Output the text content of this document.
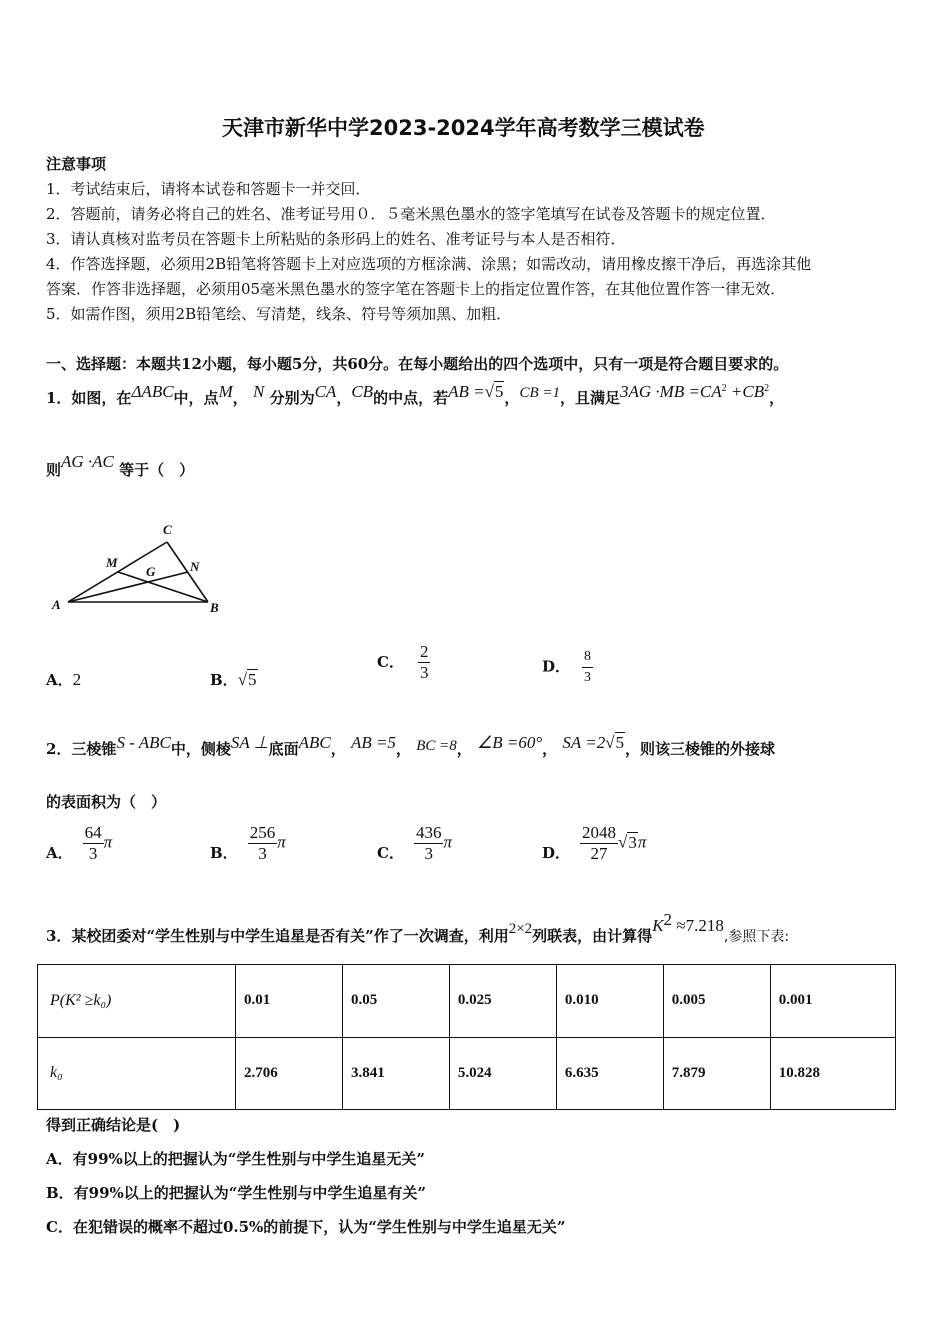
天津市新华中学2023-2024学年高考数学三模试卷
注意事项
1．考试结束后，请将本试卷和答题卡一并交回．
2．答题前，请务必将自己的姓名、准考证号用０．５毫米黑色墨水的签字笔填写在试卷及答题卡的规定位置．
3．请认真核对监考员在答题卡上所粘贴的条形码上的姓名、准考证号与本人是否相符．
4．作答选择题，必须用2B铅笔将答题卡上对应选项的方框涂满、涂黑；如需改动，请用橡皮擦干净后，再选涂其他
答案．作答非选择题，必须用05毫米黑色墨水的签字笔在答题卡上的指定位置作答，在其他位置作答一律无效．
5．如需作图，须用2B铅笔绘、写清楚，线条、符号等须加黑、加粗．
一、选择题：本题共12小题，每小题5分，共60分。在每小题给出的四个选项中，只有一项是符合题目要求的。
1．如图，在ΔABC中，点M， N 分别为CA，CB的中点，若AB =√5，CB =1，且满足$3AG \cdot MB =CA^2 +CB^2$，
则AG ·AC 等于（　）
A	B
C
M	N
G
A．2	B．√5
C． $\frac{2}{3}$	D． $\frac{8}{3}$
2．三棱锥S - ABC中，侧棱SA ⊥底面ABC， AB =5， BC =8， ∠B =60°， SA =2√5，则该三棱锥的外接球
的表面积为（　）
A． $\frac{64}{3}$ π
B． $\frac{256}{3}$ π
C． $\frac{436}{3}$ π
D． $\frac{2048}{27} √3\pi$
3．某校团委对“学生性别与中学生追星是否有关”作了一次调查，利用2×2列联表，由计算得$K^2 \approx 7.218$,参照下表:
P(K² ≥k₀)	0.01	0.05	0.025	0.010	0.005	0.001
k₀	2.706	3.841	5.024	6.635	7.879	10.828
得到正确结论是(　)
A．有99%以上的把握认为“学生性别与中学生追星无关”
B．有99%以上的把握认为“学生性别与中学生追星有关”
C．在犯错误的概率不超过0.5%的前提下，认为“学生性别与中学生追星无关”
